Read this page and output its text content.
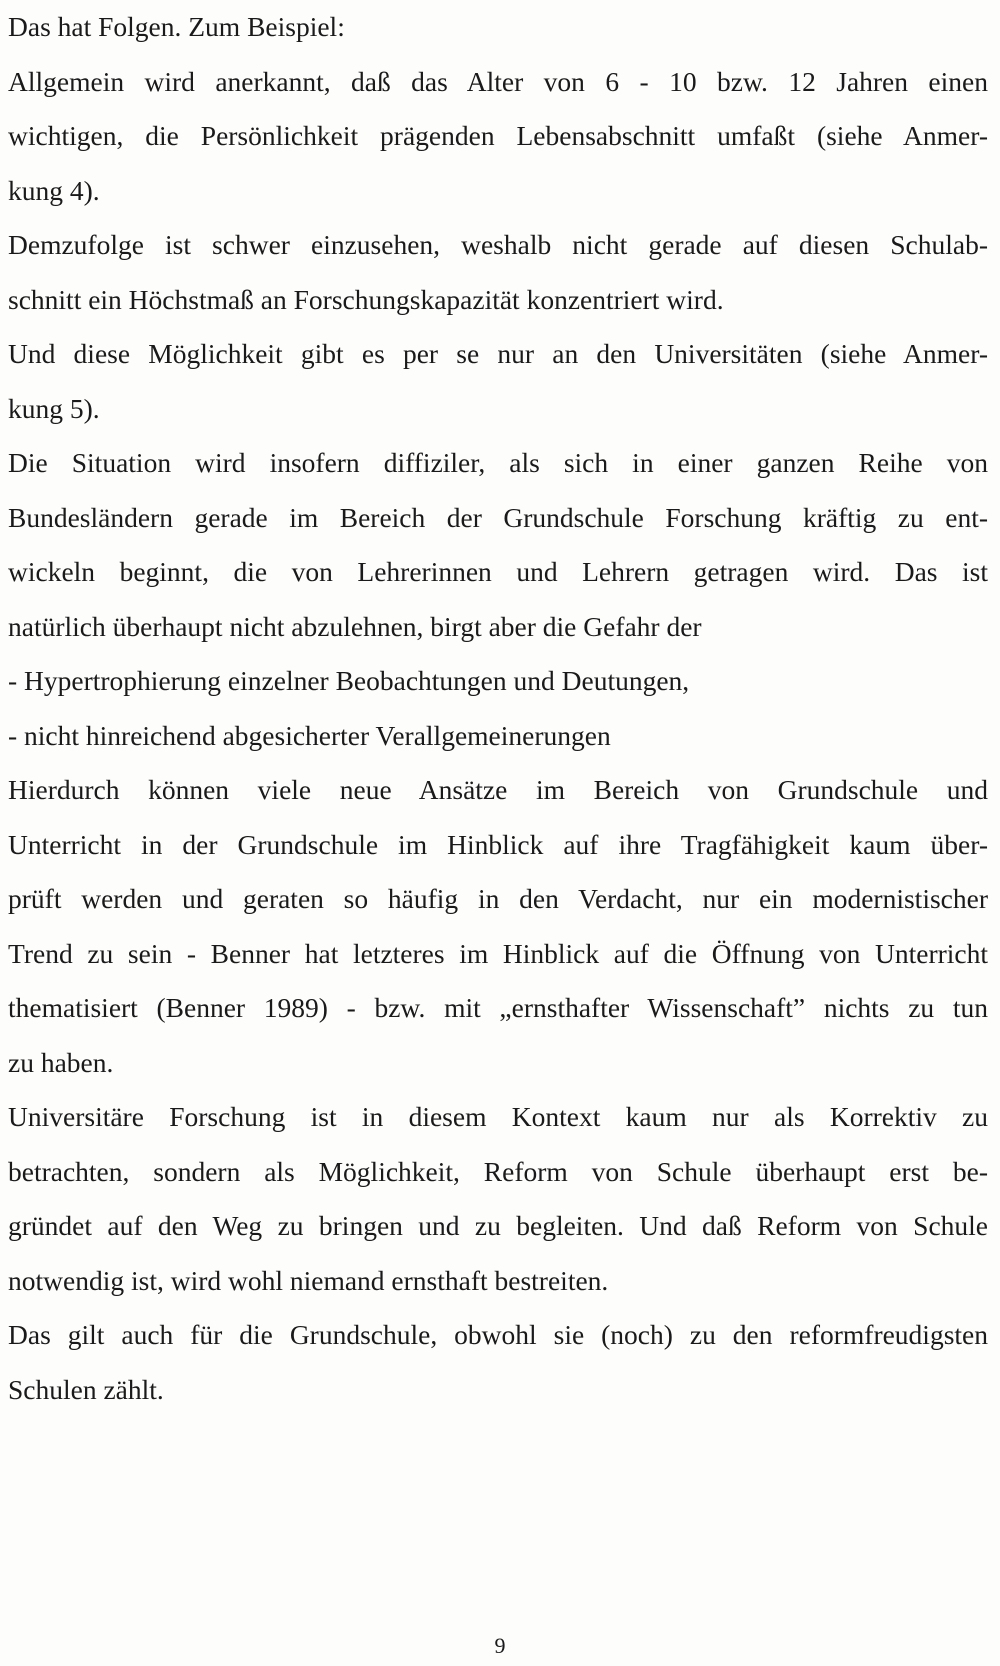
Das hat Folgen. Zum Beispiel:
Allgemein wird anerkannt, daß das Alter von 6 - 10 bzw. 12 Jahren einen
wichtigen, die Persönlichkeit prägenden Lebensabschnitt umfaßt (siehe Anmer-
kung 4).
Demzufolge ist schwer einzusehen, weshalb nicht gerade auf diesen Schulab-
schnitt ein Höchstmaß an Forschungskapazität konzentriert wird.
Und diese Möglichkeit gibt es per se nur an den Universitäten (siehe Anmer-
kung 5).
Die Situation wird insofern diffiziler, als sich in einer ganzen Reihe von
Bundesländern gerade im Bereich der Grundschule Forschung kräftig zu ent-
wickeln beginnt, die von Lehrerinnen und Lehrern getragen wird. Das ist
natürlich überhaupt nicht abzulehnen, birgt aber die Gefahr der
- Hypertrophierung einzelner Beobachtungen und Deutungen,
- nicht hinreichend abgesicherter Verallgemeinerungen
Hierdurch können viele neue Ansätze im Bereich von Grundschule und
Unterricht in der Grundschule im Hinblick auf ihre Tragfähigkeit kaum über-
prüft werden und geraten so häufig in den Verdacht, nur ein modernistischer
Trend zu sein - Benner hat letzteres im Hinblick auf die Öffnung von Unterricht
thematisiert (Benner 1989) - bzw. mit „ernsthafter Wissenschaft” nichts zu tun
zu haben.
Universitäre Forschung ist in diesem Kontext kaum nur als Korrektiv zu
betrachten, sondern als Möglichkeit, Reform von Schule überhaupt erst be-
gründet auf den Weg zu bringen und zu begleiten. Und daß Reform von Schule
notwendig ist, wird wohl niemand ernsthaft bestreiten.
Das gilt auch für die Grundschule, obwohl sie (noch) zu den reformfreudigsten
Schulen zählt.
9
